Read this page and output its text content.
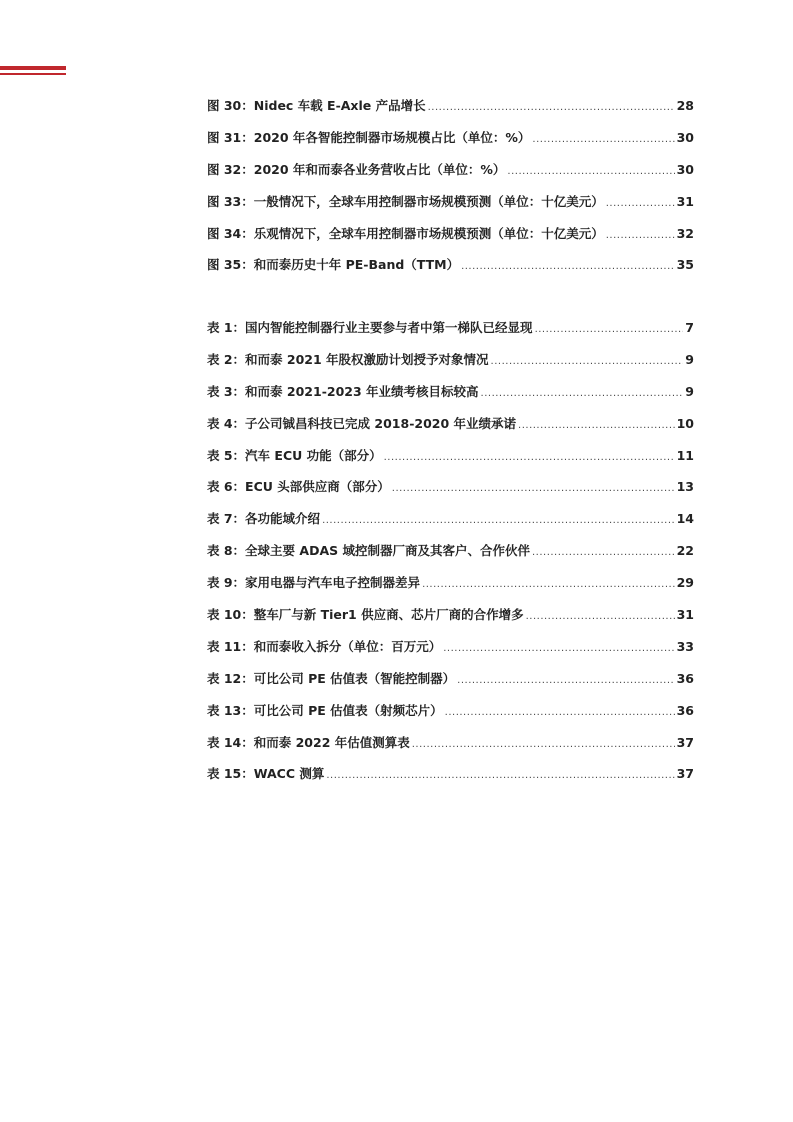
图 30：Nidec 车载 E-Axle 产品增长 .....	28
图 31：2020 年各智能控制器市场规模占比（单位：%） .....	30
图 32：2020 年和而泰各业务营收占比（单位：%） .....	30
图 33：一般情况下，全球车用控制器市场规模预测（单位：十亿美元） .....	31
图 34：乐观情况下，全球车用控制器市场规模预测（单位：十亿美元） .....	32
图 35：和而泰历史十年 PE-Band（TTM） .....	35
表 1：国内智能控制器行业主要参与者中第一梯队已经显现 .....	7
表 2：和而泰 2021 年股权激励计划授予对象情况 .....	9
表 3：和而泰 2021-2023 年业绩考核目标较高 .....	9
表 4：子公司铖昌科技已完成 2018-2020 年业绩承诺 .....	10
表 5：汽车 ECU 功能（部分） .....	11
表 6：ECU 头部供应商（部分） .....	13
表 7：各功能域介绍 .....	14
表 8：全球主要 ADAS 域控制器厂商及其客户、合作伙伴 .....	22
表 9：家用电器与汽车电子控制器差异 .....	29
表 10：整车厂与新 Tier1 供应商、芯片厂商的合作增多 .....	31
表 11：和而泰收入拆分（单位：百万元） .....	33
表 12：可比公司 PE 估值表（智能控制器） .....	36
表 13：可比公司 PE 估值表（射频芯片） .....	36
表 14：和而泰 2022 年估值测算表 .....	37
表 15：WACC 测算 .....	37
